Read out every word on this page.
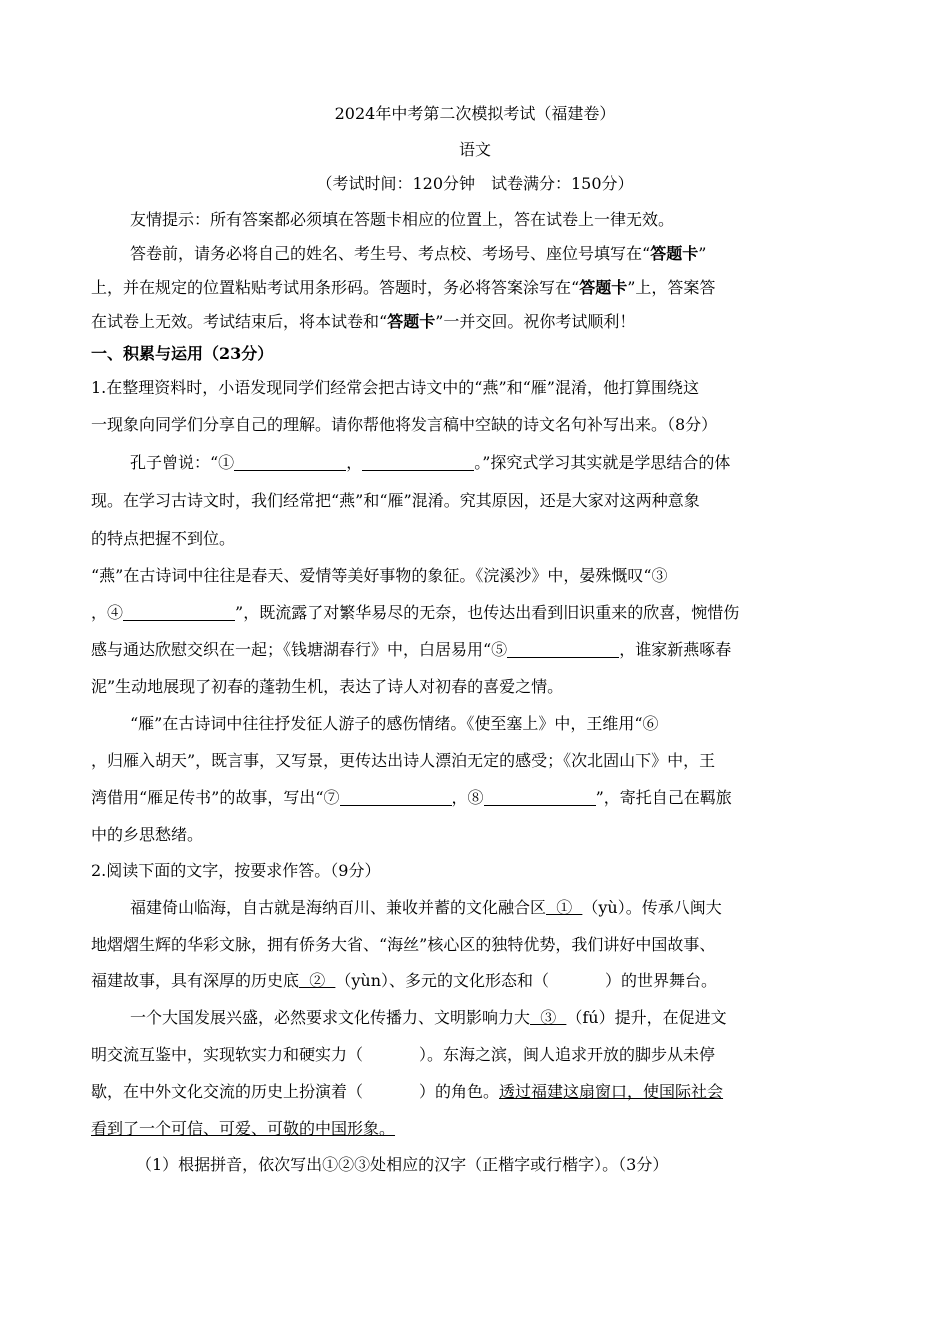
2024年中考第二次模拟考试（福建卷）
语文
（考试时间：120分钟　试卷满分：150分）
友情提示：所有答案都必须填在答题卡相应的位置上，答在试卷上一律无效。
答卷前，请务必将自己的姓名、考生号、考点校、考场号、座位号填写在“答题卡”
上，并在规定的位置粘贴考试用条形码。答题时，务必将答案涂写在“答题卡”上，答案答
在试卷上无效。考试结束后，将本试卷和“答题卡”一并交回。祝你考试顺利！
一、积累与运用（23分）
1.在整理资料时，小语发现同学们经常会把古诗文中的“燕”和“雁”混淆，他打算围绕这
一现象向同学们分享自己的理解。请你帮他将发言稿中空缺的诗文名句补写出来。（8分）
孔子曾说：“①	，	。”探究式学习其实就是学思结合的体
现。在学习古诗文时，我们经常把“燕”和“雁”混淆。究其原因，还是大家对这两种意象
的特点把握不到位。
“燕”在古诗词中往往是春天、爱情等美好事物的象征。《浣溪沙》中，晏殊慨叹“③
，④	”，既流露了对繁华易尽的无奈，也传达出看到旧识重来的欣喜，惋惜伤
感与通达欣慰交织在一起；《钱塘湖春行》中，白居易用“⑤	，谁家新燕啄春
泥”生动地展现了初春的蓬勃生机，表达了诗人对初春的喜爱之情。
“雁”在古诗词中往往抒发征人游子的感伤情绪。《使至塞上》中，王维用“⑥
，归雁入胡天”，既言事，又写景，更传达出诗人漂泊无定的感受；《次北固山下》中，王
湾借用“雁足传书”的故事，写出“⑦	，⑧	”，寄托自己在羁旅
中的乡思愁绪。
2.阅读下面的文字，按要求作答。（9分）
福建倚山临海，自古就是海纳百川、兼收并蓄的文化融合区  ①  （yù）。传承八闽大
地熠熠生辉的华彩文脉，拥有侨务大省、“海丝”核心区的独特优势，我们讲好中国故事、
福建故事，具有深厚的历史底  ②  （yùn）、多元的文化形态和（	）的世界舞台。
一个大国发展兴盛，必然要求文化传播力、文明影响力大  ③  （fú）提升，在促进文
明交流互鉴中，实现软实力和硬实力（	）。东海之滨，闽人追求开放的脚步从未停
歇，在中外文化交流的历史上扮演着（	）的角色。透过福建这扇窗口，使国际社会
看到了一个可信、可爱、可敬的中国形象。
（1）根据拼音，依次写出①②③处相应的汉字（正楷字或行楷字）。（3分）
